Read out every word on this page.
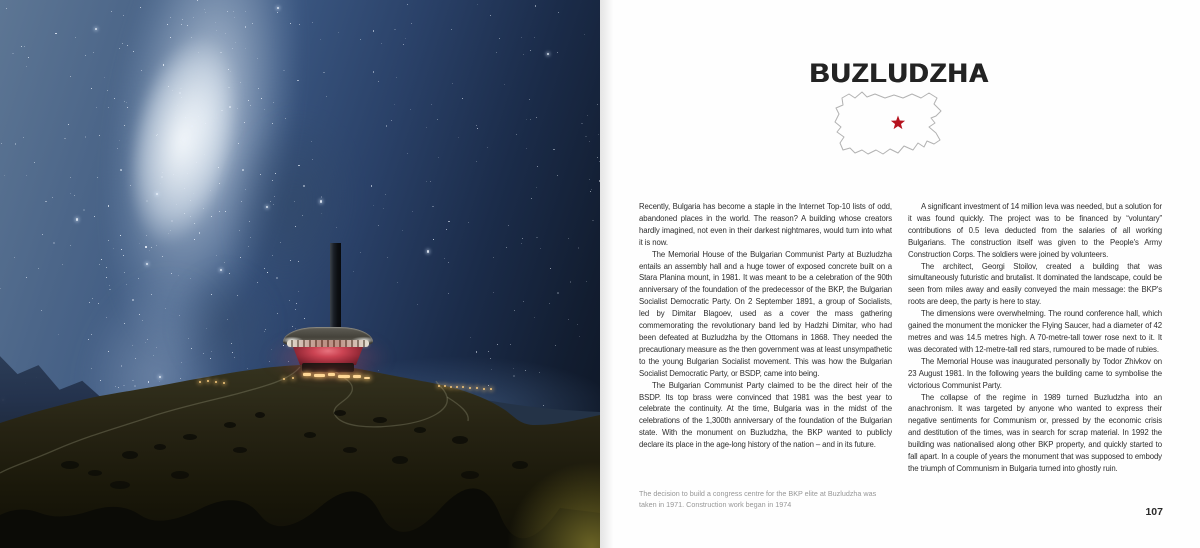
BUZLUDZHA

Recently, Bulgaria has become a staple in the Internet Top-10 lists of odd, abandoned places in the world. The reason? A building whose creators hardly imagined, not even in their darkest nightmares, would turn into what it is now.

The Memorial House of the Bulgarian Communist Party at Buzludzha entails an assembly hall and a huge tower of exposed concrete built on a Stara Planina mount, in 1981. It was meant to be a celebration of the 90th anniversary of the foundation of the predecessor of the BKP, the Bulgarian Socialist Democratic Party. On 2 September 1891, a group of Socialists, led by Dimitar Blagoev, used as a cover the mass gathering commemorating the revolutionary band led by Hadzhi Dimitar, who had been defeated at Buzludzha by the Ottomans in 1868. They needed the precautionary measure as the then government was at least unsympathetic to the young Bulgarian Socialist movement. This was how the Bulgarian Socialist Democratic Party, or BSDP, came into being.

The Bulgarian Communist Party claimed to be the direct heir of the BSDP. Its top brass were convinced that 1981 was the best year to celebrate the continuity. At the time, Bulgaria was in the midst of the celebrations of the 1,300th anniversary of the foundation of the Bulgarian state. With the monument on Buzludzha, the BKP wanted to publicly declare its place in the age-long history of the nation – and in its future.

A significant investment of 14 million leva was needed, but a solution for it was found quickly. The project was to be financed by “voluntary” contributions of 0.5 leva deducted from the salaries of all working Bulgarians. The construction itself was given to the People's Army Construction Corps. The soldiers were joined by volunteers.

The architect, Georgi Stoilov, created a building that was simultaneously futuristic and brutalist. It dominated the landscape, could be seen from miles away and easily conveyed the main message: the BKP's roots are deep, the party is here to stay.

The dimensions were overwhelming. The round conference hall, which gained the monument the monicker the Flying Saucer, had a diameter of 42 metres and was 14.5 metres high. A 70-metre-tall tower rose next to it. It was decorated with 12-metre-tall red stars, rumoured to be made of rubies.

The Memorial House was inaugurated personally by Todor Zhivkov on 23 August 1981. In the following years the building came to symbolise the victorious Communist Party.

The collapse of the regime in 1989 turned Buzludzha into an anachronism. It was targeted by anyone who wanted to express their negative sentiments for Communism or, pressed by the economic crisis and destitution of the times, was in search for scrap material. In 1992 the building was nationalised along other BKP property, and quickly started to fall apart. In a couple of years the monument that was supposed to embody the triumph of Communism in Bulgaria turned into ghostly ruin.

The decision to build a congress centre for the BKP elite at Buzludzha was taken in 1971. Construction work began in 1974
107
